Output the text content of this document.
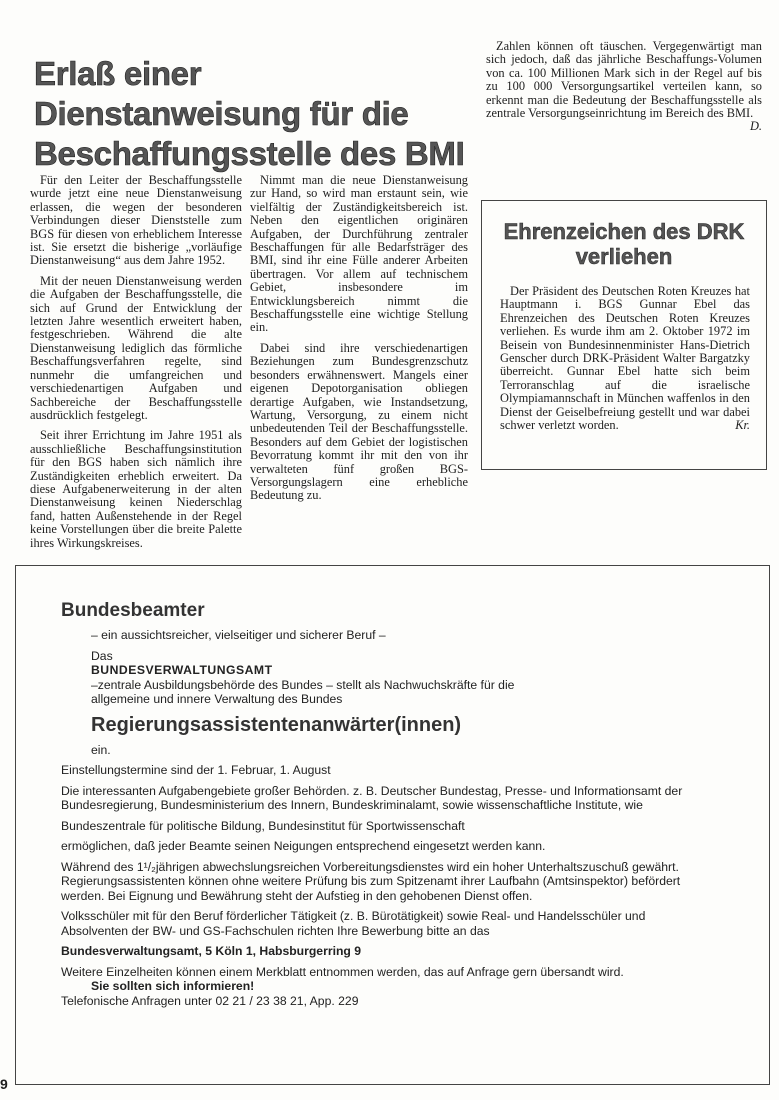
Erlaß einer Dienstanweisung für die Beschaffungsstelle des BMI

Für den Leiter der Beschaffungsstelle wurde jetzt eine neue Dienstanweisung erlassen, die wegen der besonderen Verbindungen dieser Dienststelle zum BGS für diesen von erheblichem Interesse ist. Sie ersetzt die bisherige „vorläufige Dienstanweisung“ aus dem Jahre 1952.

Mit der neuen Dienstanweisung werden die Aufgaben der Beschaffungsstelle, die sich auf Grund der Entwicklung der letzten Jahre wesentlich erweitert haben, festgeschrieben. Während die alte Dienstanweisung lediglich das förmliche Beschaffungsverfahren regelte, sind nunmehr die umfangreichen und verschiedenartigen Aufgaben und Sachbereiche der Beschaffungsstelle ausdrücklich festgelegt.

Seit ihrer Errichtung im Jahre 1951 als ausschließliche Beschaffungsinstitution für den BGS haben sich nämlich ihre Zuständigkeiten erheblich erweitert. Da diese Aufgabenerweiterung in der alten Dienstanweisung keinen Niederschlag fand, hatten Außenstehende in der Regel keine Vorstellungen über die breite Palette ihres Wirkungskreises.

Nimmt man die neue Dienstanweisung zur Hand, so wird man erstaunt sein, wie vielfältig der Zuständigkeitsbereich ist. Neben den eigentlichen originären Aufgaben, der Durchführung zentraler Beschaffungen für alle Bedarfsträger des BMI, sind ihr eine Fülle anderer Arbeiten übertragen. Vor allem auf technischem Gebiet, insbesondere im Entwicklungsbereich nimmt die Beschaffungsstelle eine wichtige Stellung ein.

Dabei sind ihre verschiedenartigen Beziehungen zum Bundesgrenzschutz besonders erwähnenswert. Mangels einer eigenen Depotorganisation obliegen derartige Aufgaben, wie Instandsetzung, Wartung, Versorgung, zu einem nicht unbedeutenden Teil der Beschaffungsstelle. Besonders auf dem Gebiet der logistischen Bevorratung kommt ihr mit den von ihr verwalteten fünf großen BGS-Versorgungslagern eine erhebliche Bedeutung zu.

Zahlen können oft täuschen. Vergegenwärtigt man sich jedoch, daß das jährliche Beschaffungs-Volumen von ca. 100 Millionen Mark sich in der Regel auf bis zu 100 000 Versorgungsartikel verteilen kann, so erkennt man die Bedeutung der Beschaffungsstelle als zentrale Versorgungseinrichtung im Bereich des BMI.
D.

Ehrenzeichen des DRK verliehen

Der Präsident des Deutschen Roten Kreuzes hat Hauptmann i. BGS Gunnar Ebel das Ehrenzeichen des Deutschen Roten Kreuzes verliehen. Es wurde ihm am 2. Oktober 1972 im Beisein von Bundesinnenminister Hans-Dietrich Genscher durch DRK-Präsident Walter Bargatzky überreicht. Gunnar Ebel hatte sich beim Terroranschlag auf die israelische Olympiamannschaft in München waffenlos in den Dienst der Geiselbefreiung gestellt und war dabei schwer verletzt worden.	Kr.

Bundesbeamter

– ein aussichtsreicher, vielseitiger und sicherer Beruf –

Das

BUNDESVERWALTUNGSAMT

–zentrale Ausbildungsbehörde des Bundes – stellt als Nachwuchskräfte für die allgemeine und innere Verwaltung des Bundes

Regierungsassistentenanwärter(innen)

ein.

Einstellungstermine sind der 1. Februar, 1. August

Die interessanten Aufgabengebiete großer Behörden. z. B. Deutscher Bundestag, Presse- und Informationsamt der Bundesregierung, Bundesministerium des Innern, Bundeskriminalamt, sowie wissenschaftliche Institute, wie

Bundeszentrale für politische Bildung, Bundesinstitut für Sportwissenschaft

ermöglichen, daß jeder Beamte seinen Neigungen entsprechend eingesetzt werden kann.

Während des 1¹/₂jährigen abwechslungsreichen Vorbereitungsdienstes wird ein hoher Unterhaltszuschuß gewährt. Regierungsassistenten können ohne weitere Prüfung bis zum Spitzenamt ihrer Laufbahn (Amtsinspektor) befördert werden. Bei Eignung und Bewährung steht der Aufstieg in den gehobenen Dienst offen.

Volksschüler mit für den Beruf förderlicher Tätigkeit (z. B. Bürotätigkeit) sowie Real- und Handelsschüler und Absolventen der BW- und GS-Fachschulen richten Ihre Bewerbung bitte an das

Bundesverwaltungsamt, 5 Köln 1, Habsburgerring 9

Weitere Einzelheiten können einem Merkblatt entnommen werden, das auf Anfrage gern übersandt wird.

Sie sollten sich informieren!

Telefonische Anfragen unter 02 21 / 23 38 21, App. 229

9
